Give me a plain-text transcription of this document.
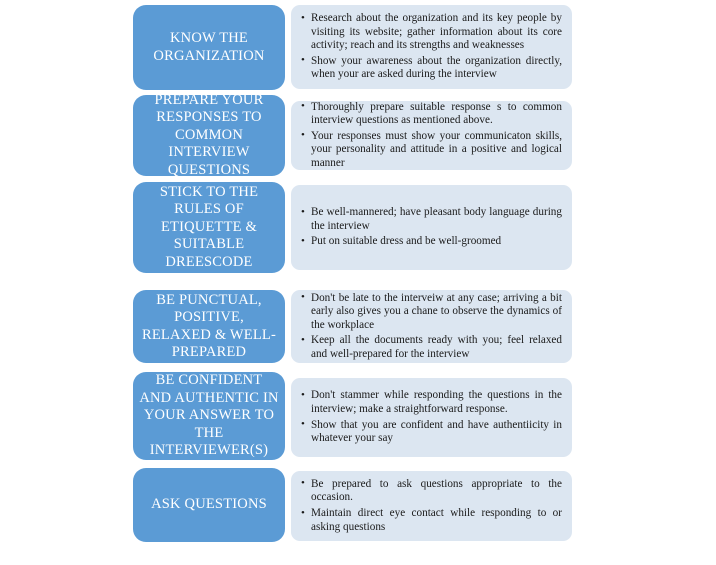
KNOW THE ORGANIZATION
• Research about the organization and its key people by visiting its website; gather information about its core activity; reach and its strengths and weaknesses
• Show your awareness about the organization directly, when your are asked during the interview
PREPARE YOUR RESPONSES TO COMMON INTERVIEW QUESTIONS
• Thoroughly prepare suitable response s to common interview questions as mentioned above.
• Your responses must show your communicaton skills, your personality and attitude in a positive and logical manner
STICK TO THE RULES OF ETIQUETTE & SUITABLE DREESCODE
• Be well-mannered; have pleasant body language during the interview
• Put on suitable dress and be well-groomed
BE PUNCTUAL, POSITIVE, RELAXED & WELL-PREPARED
• Don't be late to the interveiw at any case; arriving a bit early also gives you a chane to observe the dynamics of the workplace
• Keep all the documents ready with you; feel relaxed and well-prepared for the interview
BE CONFIDENT AND AUTHENTIC IN YOUR ANSWER TO THE INTERVIEWER(S)
• Don't stammer while responding the questions in the interview; make a straightforward response.
• Show that you are confident and have authentiicity in whatever your say
ASK QUESTIONS
• Be prepared to ask questions appropriate to the occasion.
• Maintain direct eye contact while responding to or asking questions
